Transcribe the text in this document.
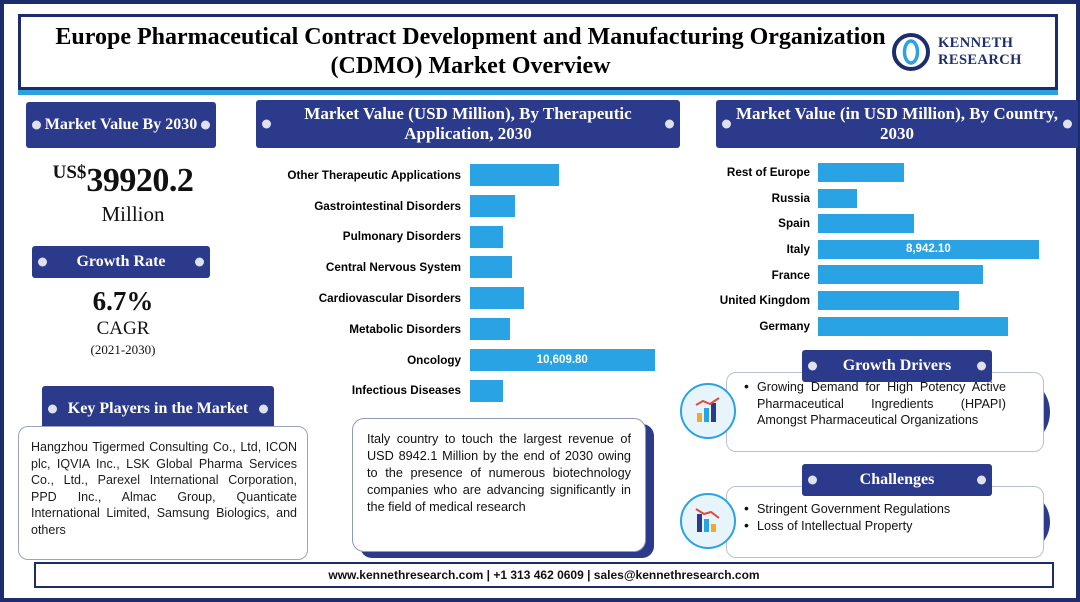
Europe Pharmaceutical Contract Development and Manufacturing Organization (CDMO) Market Overview
KENNETH
RESEARCH
Market Value By 2030
US$39920.2
Million
Growth Rate
6.7%
CAGR
(2021-2030)
Key Players in the Market
Hangzhou Tigermed Consulting Co., Ltd, ICON plc, IQVIA Inc., LSK Global Pharma Services Co., Ltd., Parexel International Corporation, PPD Inc., Almac Group, Quanticate International Limited, Samsung Biologics, and others
Market Value (USD Million), By Therapeutic Application, 2030
Other Therapeutic Applications
Gastrointestinal Disorders
Pulmonary Disorders
Central Nervous System
Cardiovascular Disorders
Metabolic Disorders
Oncology	10,609.80
Infectious Diseases
Market Value (in USD Million), By Country, 2030
Rest of Europe
Russia
Spain
Italy	8,942.10
France
United Kingdom
Germany
Italy country to touch the largest revenue of USD 8942.1 Million by the end of 2030 owing to the presence of numerous biotechnology companies who are advancing significantly in the field of medical research
Growth Drivers
• Growing Demand for High Potency Active Pharmaceutical Ingredients (HPAPI) Amongst Pharmaceutical Organizations
Challenges
• Stringent Government Regulations
• Loss of Intellectual Property
www.kennethresearch.com | +1 313 462 0609 | sales@kennethresearch.com
